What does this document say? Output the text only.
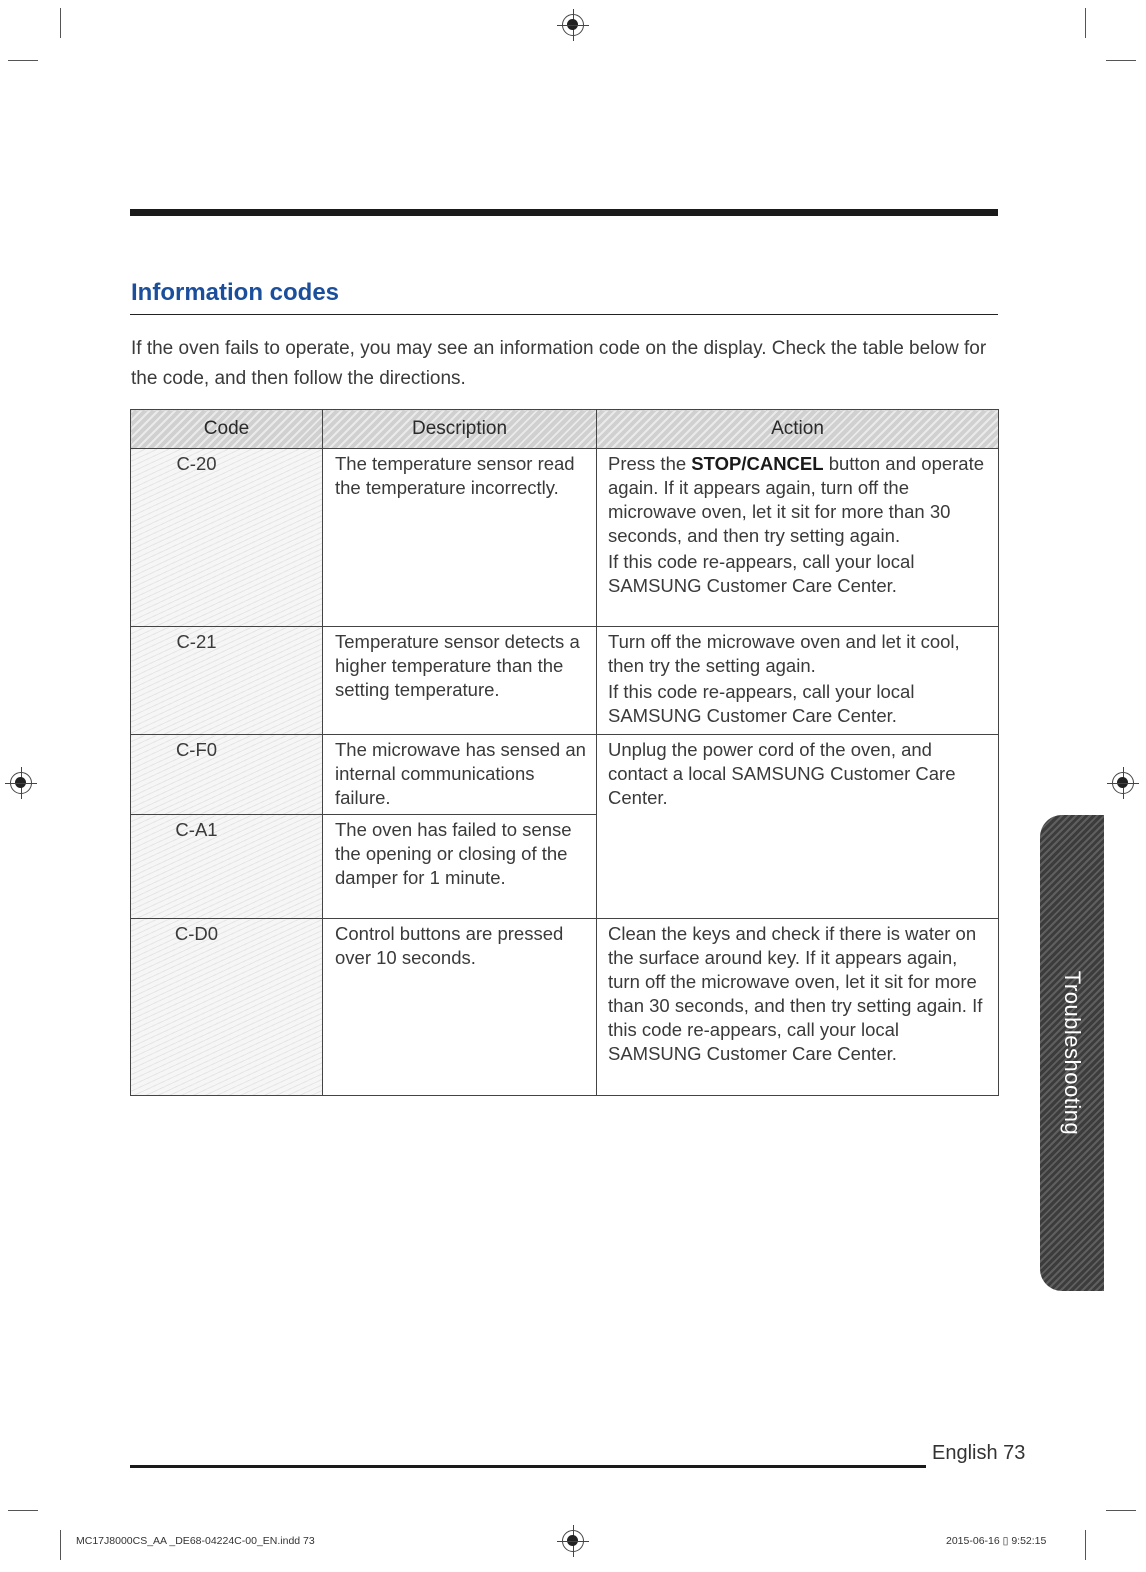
Information codes

If the oven fails to operate, you may see an information code on the display. Check the table below for the code, and then follow the directions.

Code	Description	Action
C-20	The temperature sensor read the temperature incorrectly.	Press the STOP/CANCEL button and operate again. If it appears again, turn off the microwave oven, let it sit for more than 30 seconds, and then try setting again.

If this code re-appears, call your local SAMSUNG Customer Care Center.

C-21	Temperature sensor detects a higher temperature than the setting temperature.	Turn off the microwave oven and let it cool, then try the setting again.

If this code re-appears, call your local SAMSUNG Customer Care Center.

C-F0	The microwave has sensed an internal communications failure.	Unplug the power cord of the oven, and contact a local SAMSUNG Customer Care Center.

C-A1	The oven has failed to sense the opening or closing of the damper for 1 minute.	
C-D0	Control buttons are pressed over 10 seconds.	Clean the keys and check if there is water on the surface around key. If it appears again, turn off the microwave oven, let it sit for more than 30 seconds, and then try setting again. If this code re-appears, call your local SAMSUNG Customer Care Center.	Troubleshooting
English 73
MC17J8000CS_AA _DE68-04224C-00_EN.indd 73	2015-06-16 ▯ 9:52:15
